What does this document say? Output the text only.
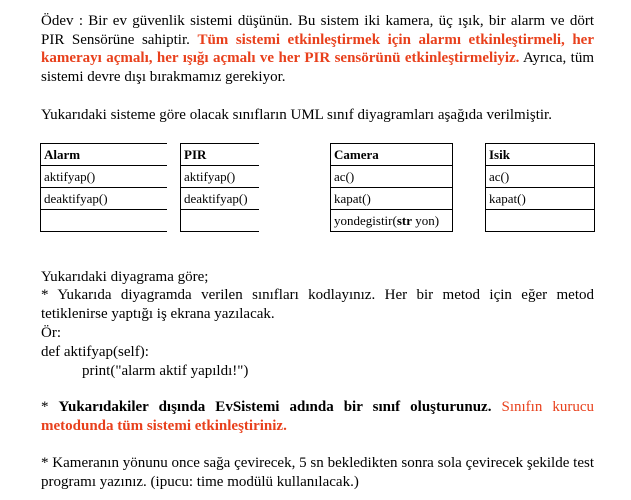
Ödev : Bir ev güvenlik sistemi düşünün. Bu sistem iki kamera, üç ışık, bir alarm ve dört PIR Sensörüne sahiptir. Tüm sistemi etkinleştirmek için alarmı etkinleştirmeli, her kamerayı açmalı, her ışığı açmalı ve her PIR sensörünü etkinleştirmeliyiz. Ayrıca, tüm sistemi devre dışı bırakmamız gerekiyor.

Yukarıdaki sisteme göre olacak sınıfların UML sınıf diyagramları aşağıda verilmiştir.

Alarm
aktifyap()
deaktifyap()

PIR
aktifyap()
deaktifyap()

Camera
ac()
kapat()
yondegistir(str yon)
Isik
ac()
kapat()

Yukarıdaki diyagrama göre;

* Yukarıda diyagramda verilen sınıfları kodlayınız. Her bir metod için eğer metod tetiklenirse yaptığı iş ekrana yazılacak.

Ör:

def aktifyap(self):

print("alarm aktif yapıldı!")

* Yukarıdakiler dışında EvSistemi adında bir sınıf oluşturunuz. Sınıfın kurucu metodunda tüm sistemi etkinleştiriniz.

* Kameranın yönunu once sağa çevirecek, 5 sn bekledikten sonra sola çevirecek şekilde test programı yazınız. (ipucu: time modülü kullanılacak.)
